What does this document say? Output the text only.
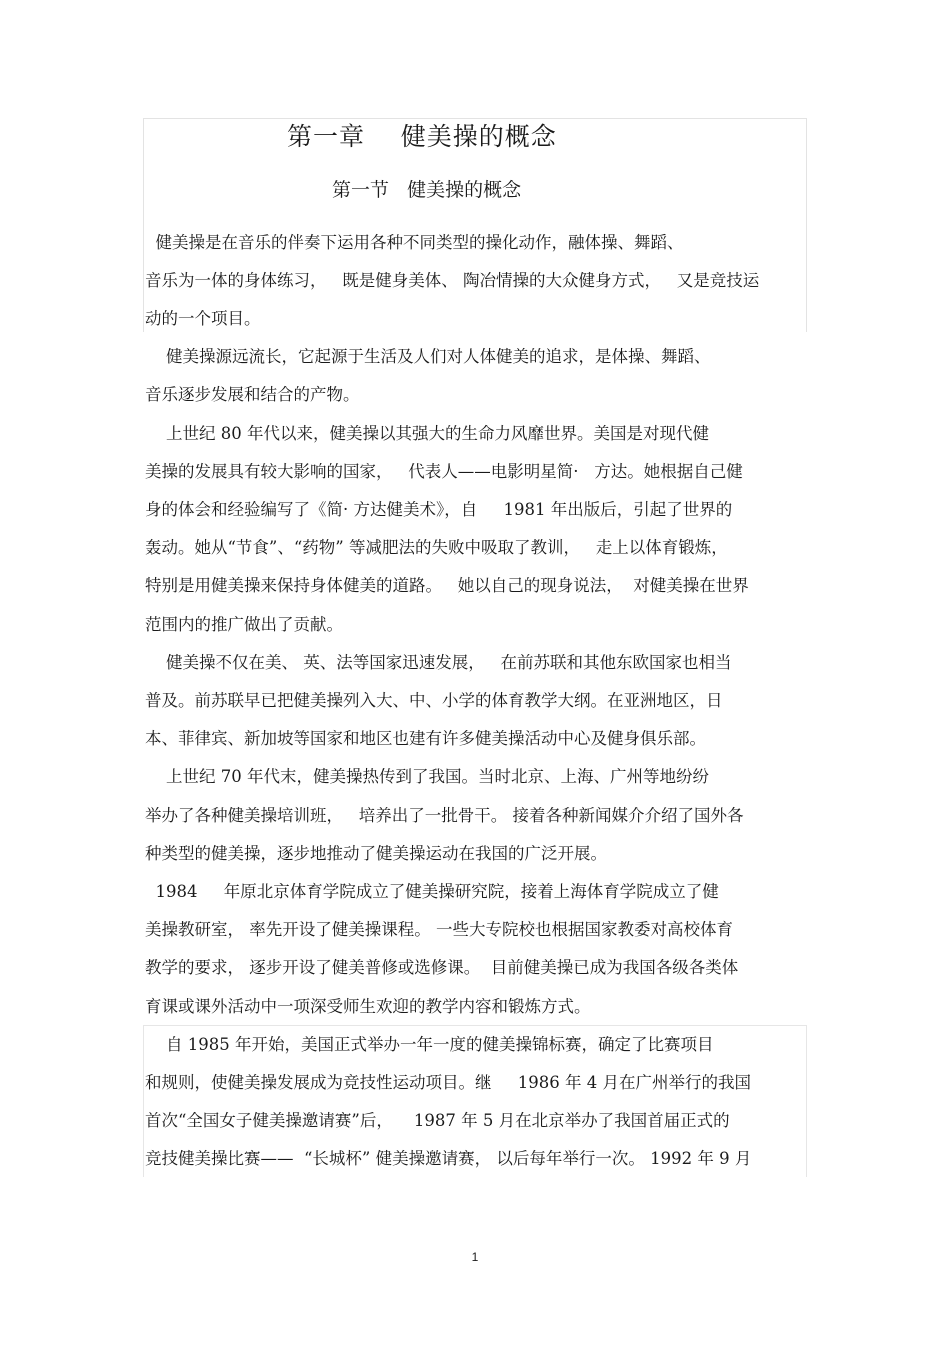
第一章    健美操的概念
第一节   健美操的概念
健美操是在音乐的伴奏下运用各种不同类型的操化动作，融体操、舞蹈、
音乐为一体的身体练习，   既是健身美体、 陶冶情操的大众健身方式，   又是竞技运
动的一个项目。
健美操源远流长，它起源于生活及人们对人体健美的追求，是体操、舞蹈、
音乐逐步发展和结合的产物。
上世纪 80 年代以来，健美操以其强大的生命力风靡世界。美国是对现代健
美操的发展具有较大影响的国家，   代表人——电影明星简·   方达。她根据自己健
身的体会和经验编写了《简· 方达健美术》，自     1981 年出版后，引起了世界的
轰动。她从“节食”、“药物” 等减肥法的失败中吸取了教训，   走上以体育锻炼，
特别是用健美操来保持身体健美的道路。   她以自己的现身说法，  对健美操在世界
范围内的推广做出了贡献。
健美操不仅在美、 英、法等国家迅速发展，   在前苏联和其他东欧国家也相当
普及。前苏联早已把健美操列入大、中、小学的体育教学大纲。在亚洲地区，日
本、菲律宾、新加坡等国家和地区也建有许多健美操活动中心及健身俱乐部。
上世纪 70 年代末，健美操热传到了我国。当时北京、上海、广州等地纷纷
举办了各种健美操培训班，   培养出了一批骨干。 接着各种新闻媒介介绍了国外各
种类型的健美操，逐步地推动了健美操运动在我国的广泛开展。
1984     年原北京体育学院成立了健美操研究院，接着上海体育学院成立了健
美操教研室， 率先开设了健美操课程。 一些大专院校也根据国家教委对高校体育
教学的要求， 逐步开设了健美普修或选修课。  目前健美操已成为我国各级各类体
育课或课外活动中一项深受师生欢迎的教学内容和锻炼方式。
自 1985 年开始，美国正式举办一年一度的健美操锦标赛，确定了比赛项目
和规则，使健美操发展成为竞技性运动项目。继     1986 年 4 月在广州举行的我国
首次“全国女子健美操邀请赛”后，    1987 年 5 月在北京举办了我国首届正式的
竞技健美操比赛——  “长城杯” 健美操邀请赛， 以后每年举行一次。 1992 年 9 月
1
